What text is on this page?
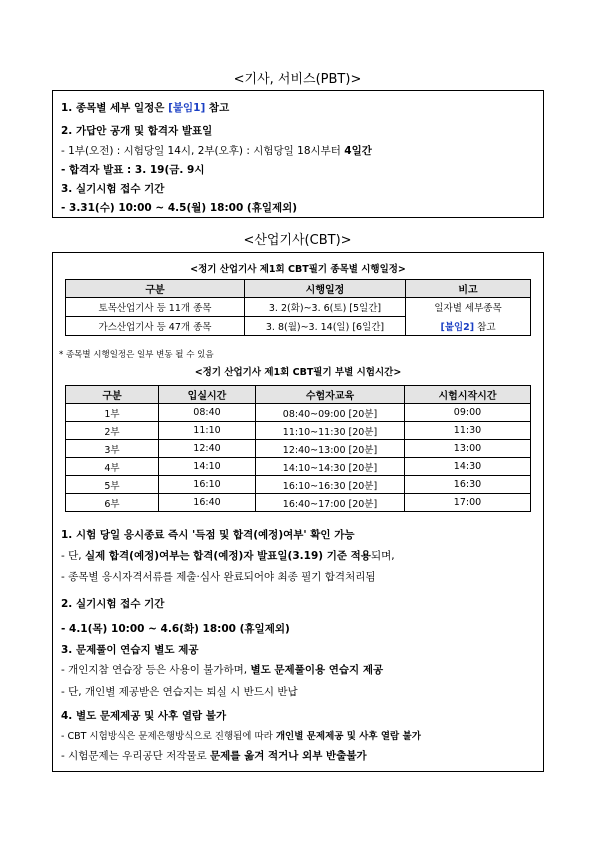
<기사, 서비스(PBT)>
1. 종목별 세부 일정은 [붙임1] 참고
2. 가답안 공개 및 합격자 발표일
- 1부(오전) : 시험당일 14시, 2부(오후) : 시험당일 18시부터 4일간
- 합격자 발표 : 3. 19(금. 9시
3. 실기시험 접수 기간
- 3.31(수) 10:00 ~ 4.5(월) 18:00 (휴일제외)
<산업기사(CBT)>
<정기 산업기사 제1회 CBT필기 종목별 시행일정>
구분	시행일정	비고
토목산업기사 등 11개 종목	3. 2(화)~3. 6(토) [5일간]	일자별 세부종목
가스산업기사 등 47개 종목	3. 8(월)~3. 14(일) [6일간]	[붙임2] 참고
* 종목별 시행일정은 일부 변동 될 수 있음
<정기 산업기사 제1회 CBT필기 부별 시험시간>
구분	입실시간	수험자교육	시험시작시간
1부	08:40	08:40~09:00 [20분]	09:00
2부	11:10	11:10~11:30 [20분]	11:30
3부	12:40	12:40~13:00 [20분]	13:00
4부	14:10	14:10~14:30 [20분]	14:30
5부	16:10	16:10~16:30 [20분]	16:30
6부	16:40	16:40~17:00 [20분]	17:00
1. 시험 당일 응시종료 즉시 '득점 및 합격(예정)여부' 확인 가능
- 단, 실제 합격(예정)여부는 합격(예정)자 발표일(3.19) 기준 적용되며,
- 종목별 응시자격서류를 제출·심사 완료되어야 최종 필기 합격처리됨
2. 실기시험 접수 기간
- 4.1(목) 10:00 ~ 4.6(화) 18:00 (휴일제외)
3. 문제풀이 연습지 별도 제공
- 개인지참 연습장 등은 사용이 불가하며, 별도 문제풀이용 연습지 제공
- 단, 개인별 제공받은 연습지는 퇴실 시 반드시 반납
4. 별도 문제제공 및 사후 열람 불가
- CBT 시험방식은 문제은행방식으로 진행됨에 따라 개인별 문제제공 및 사후 열람 불가
- 시험문제는 우리공단 저작물로 문제를 옮겨 적거나 외부 반출불가
